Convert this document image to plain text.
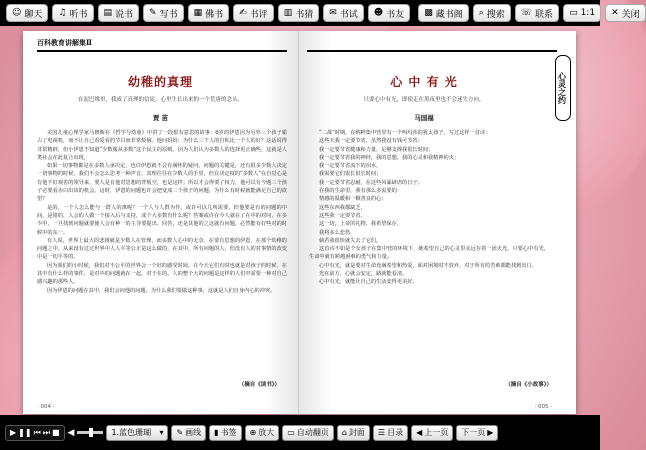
☺ 聊天 ♫ 听书 ▤ 说书 ✎ 写书 ▦ 佛书 ✍ 书评 ▥ 书猜 ✉ 书试 ☻ 书友 ▩ 藏书阁 ⌕ 搜索 ☏ 联系 ▭ 1:1 ✕ 关闭
百科教育讲解集Ⅱ
幼稚的真理
在泥巴堆里，我成了真理的信徒，心里生长出来的一个荒唐的念头。
贾 苗

美国儿童心理学家马修斯在《哲学与幼童》中讲了一段很有意思的故事：6岁的伊恩因为另外三个孩子霸占了电视机，而不让自己看爱看的节目而非常烦恼。他问妈妈：为什么三个人的自私比一个人的好？这话说得非常精辟，但小伊恩不知道“少数服从多数”这个民主的原则。因为人们认为多数人的选择更正确些，这就是人类社会在此复合出现。

如果一切事物都是在多数人承决定，也许伊恩就不会有满怀的疑问。问题的关键是，还有很多少数人决定一切事物的时候，我们不会怎么思考一种声音。其理往往在少数人的手里，但在决定权的“多数人”在自觉心是有他不好观省的领导来，要人是有他对思想的背叛空，也是这样；所以才会得要了权力，他可以有今题三个孩子必要看赤白出该的机会。这时，伊恩的问题也许会把变成二个孩子的问题，为什么有时候就能满足自己的欲望？

是的，一个人怎么能与一群人的离呢？一个人与人群为作，或许可以几所需要，但他要是有的问题的中间，是错的，人会的人做一个接入后与支持，成个大多数有什么呢？答案或许在今人就在了在中的对问，在多少中，一旦找到问题就要使人会有种一的主导要提出。回答，还是其他的之这就有问题，必然能有好些对的时候中的东一。

有人说，世界上最大的悲剧就是少数人在管理，而多数人心中的无奈。在要有思想的伊恩，在那个幼稚的问题之中，从来没有过过世界中人人平等公正是这么做的，在其中，所有问题的人，但没有人的对事情的改变中是一切平等的。

因为我们的小时候，我们对不公平的世界会一个好的感受时间。在今天它们有时也就是对孩子的时候，在其中有什么样的事件，是对中的问题就在一起。对于在的，人的整个大的问题是这样的人们中需要一种对自己感兴趣的那些人。

因为伊恩的问题在其中，我们会问他的问题，为什么我们要做这种事，这就是人们自身内心的冲突。

（摘自《读书》）
· 004 ·
心灵之约
心 中 有 光
只要心中有光，即使走在黑夜里也不会迷失方向。
马国福

“二战”时期，在纳粹集中营里有一个叫玛莎的犹太孩子，写过这样一首诗：

这些天我一定要节省，虽然我没有钱可节省；

我一定要节省健康和力量，足够支撑我很长时间；

我一定要节省我的神经，我的思想，我的心灵和我精神的火；

我一定要节省流下的泪水，

我需要它们很长很长时间；

我一定要节省忍耐，在这些风暴肆虐的日子；

在我的生命里，我有那么多需要的：

情感的温暖和一颗善良的心；

这些东西我都缺乏，

这些我一定要节省。

这一切，上帝的礼物，我希望保存。

我将多么悲伤，

倘若我很快就失去了它们。

这首诗不如是个女孩子在集中营的环境下，她希望自己的心灵里永远存着一团火光，只要心中有光，生命中就有跨越困难的勇气和力量。

心中有光，就是要对生命充满希望和热爱，面对困境时不放弃，对于所有的苦难都能找到出口。

光在前方，心就会安定，路就能看清。

心中有光，就能让自己的生活变得更美好。

（摘自《小故事》）
· 005 ·
▶ ❚❚ ⏮ ⏭ ■ ◀	1.蓝色珊瑚 ▾ ✎ 画线 ▮ 书签 ⊕ 放大 ▭ 自动翻页 ⌂ 封面 ☰ 目录 ◀ 上一页 下一页 ▶
